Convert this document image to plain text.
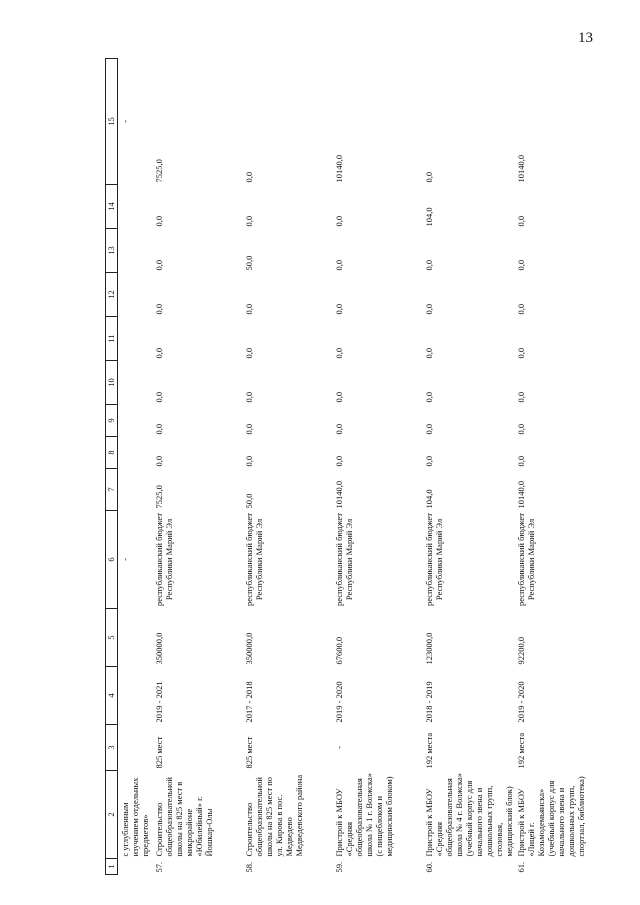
13
1	2	3	4	5	6	7	8	9	10	11	12	13	14	15
	с углубленным изучением отдельных предметов»				-									-
57.	Строительство общеобразовательной школы на 825 мест в микрорайоне «Юбилейный» г. Йошкар-Олы	825 мест	2019 - 2021	350000,0	республиканский бюджет Республики Марий Эл	7525,0	0,0	0,0	0,0	0,0	0,0	0,0	0,0	7525,0
58.	Строительство общеобразовательной школы на 825 мест по ул. Кирова в пос. Медведево Медведевского района	825 мест	2017 - 2018	350000,0	республиканский бюджет Республики Марий Эл	50,0	0,0	0,0	0,0	0,0	0,0	50,0	0,0	0,0
59.	Пристрой к МБОУ «Средняя общеобразовательная школа № 1 г. Волжска» (с пищеблоком и медицинским блоком)	-	2019 - 2020	67600,0	республиканский бюджет Республики Марий Эл	10140,0	0,0	0,0	0,0	0,0	0,0	0,0	0,0	10140,0
60.	Пристрой к МБОУ «Средняя общеобразовательная школа № 4 г. Волжска» (учебный корпус для начального звена и дошкольных групп, столовая, медицинский блок)	192 места	2018 - 2019	123000,0	республиканский бюджет Республики Марий Эл	104,0	0,0	0,0	0,0	0,0	0,0	0,0	104,0	0,0
61.	Пристрой к МБОУ «Лицей г. Козьмодемьянска» (учебный корпус для начального звена и дошкольных групп, спортзал, библиотека)	192 места	2019 - 2020	92200,0	республиканский бюджет Республики Марий Эл	10140,0	0,0	0,0	0,0	0,0	0,0	0,0	0,0	10140,0
